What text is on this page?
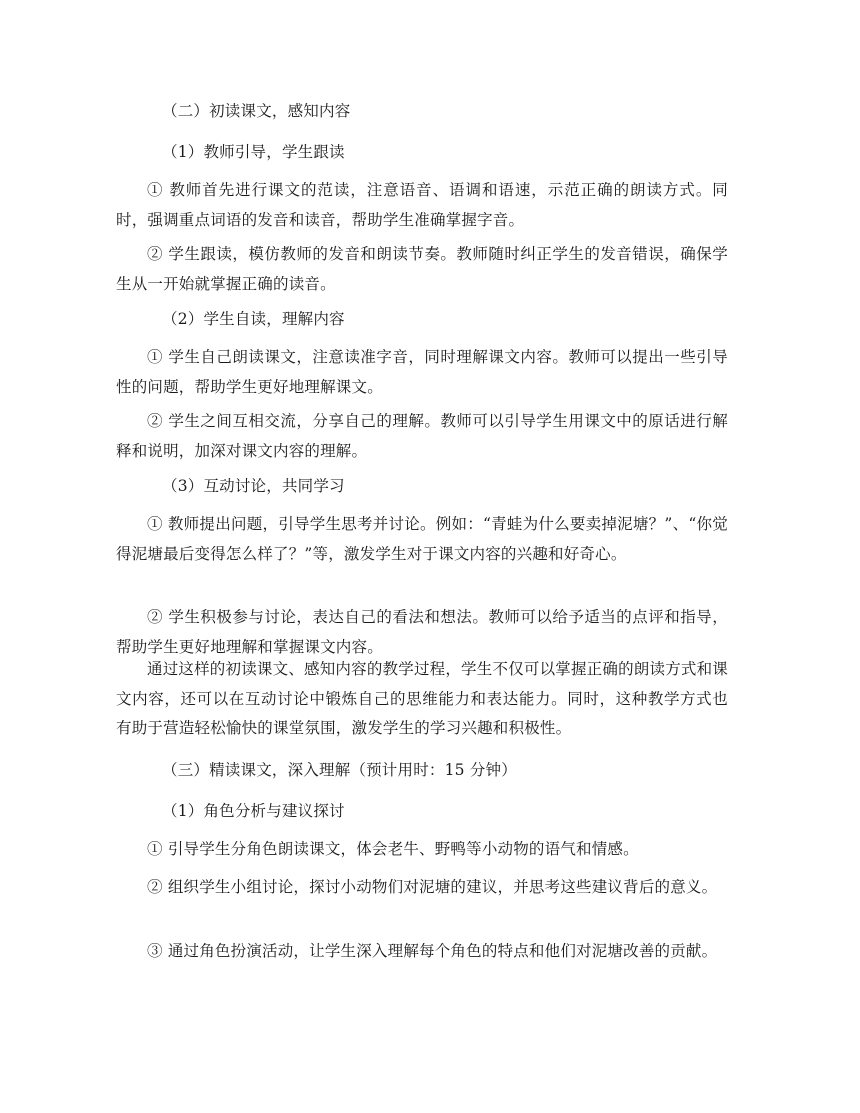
（二）初读课文，感知内容

（1）教师引导，学生跟读

① 教师首先进行课文的范读，注意语音、语调和语速，示范正确的朗读方式。同时，强调重点词语的发音和读音，帮助学生准确掌握字音。

② 学生跟读，模仿教师的发音和朗读节奏。教师随时纠正学生的发音错误，确保学生从一开始就掌握正确的读音。

（2）学生自读，理解内容

① 学生自己朗读课文，注意读准字音，同时理解课文内容。教师可以提出一些引导性的问题，帮助学生更好地理解课文。

② 学生之间互相交流，分享自己的理解。教师可以引导学生用课文中的原话进行解释和说明，加深对课文内容的理解。

（3）互动讨论，共同学习

① 教师提出问题，引导学生思考并讨论。例如：“青蛙为什么要卖掉泥塘？”、“你觉得泥塘最后变得怎么样了？”等，激发学生对于课文内容的兴趣和好奇心。

② 学生积极参与讨论，表达自己的看法和想法。教师可以给予适当的点评和指导，帮助学生更好地理解和掌握课文内容。

通过这样的初读课文、感知内容的教学过程，学生不仅可以掌握正确的朗读方式和课文内容，还可以在互动讨论中锻炼自己的思维能力和表达能力。同时，这种教学方式也有助于营造轻松愉快的课堂氛围，激发学生的学习兴趣和积极性。

（三）精读课文，深入理解（预计用时：15 分钟）

（1）角色分析与建议探讨

① 引导学生分角色朗读课文，体会老牛、野鸭等小动物的语气和情感。

② 组织学生小组讨论，探讨小动物们对泥塘的建议，并思考这些建议背后的意义。

③ 通过角色扮演活动，让学生深入理解每个角色的特点和他们对泥塘改善的贡献。
